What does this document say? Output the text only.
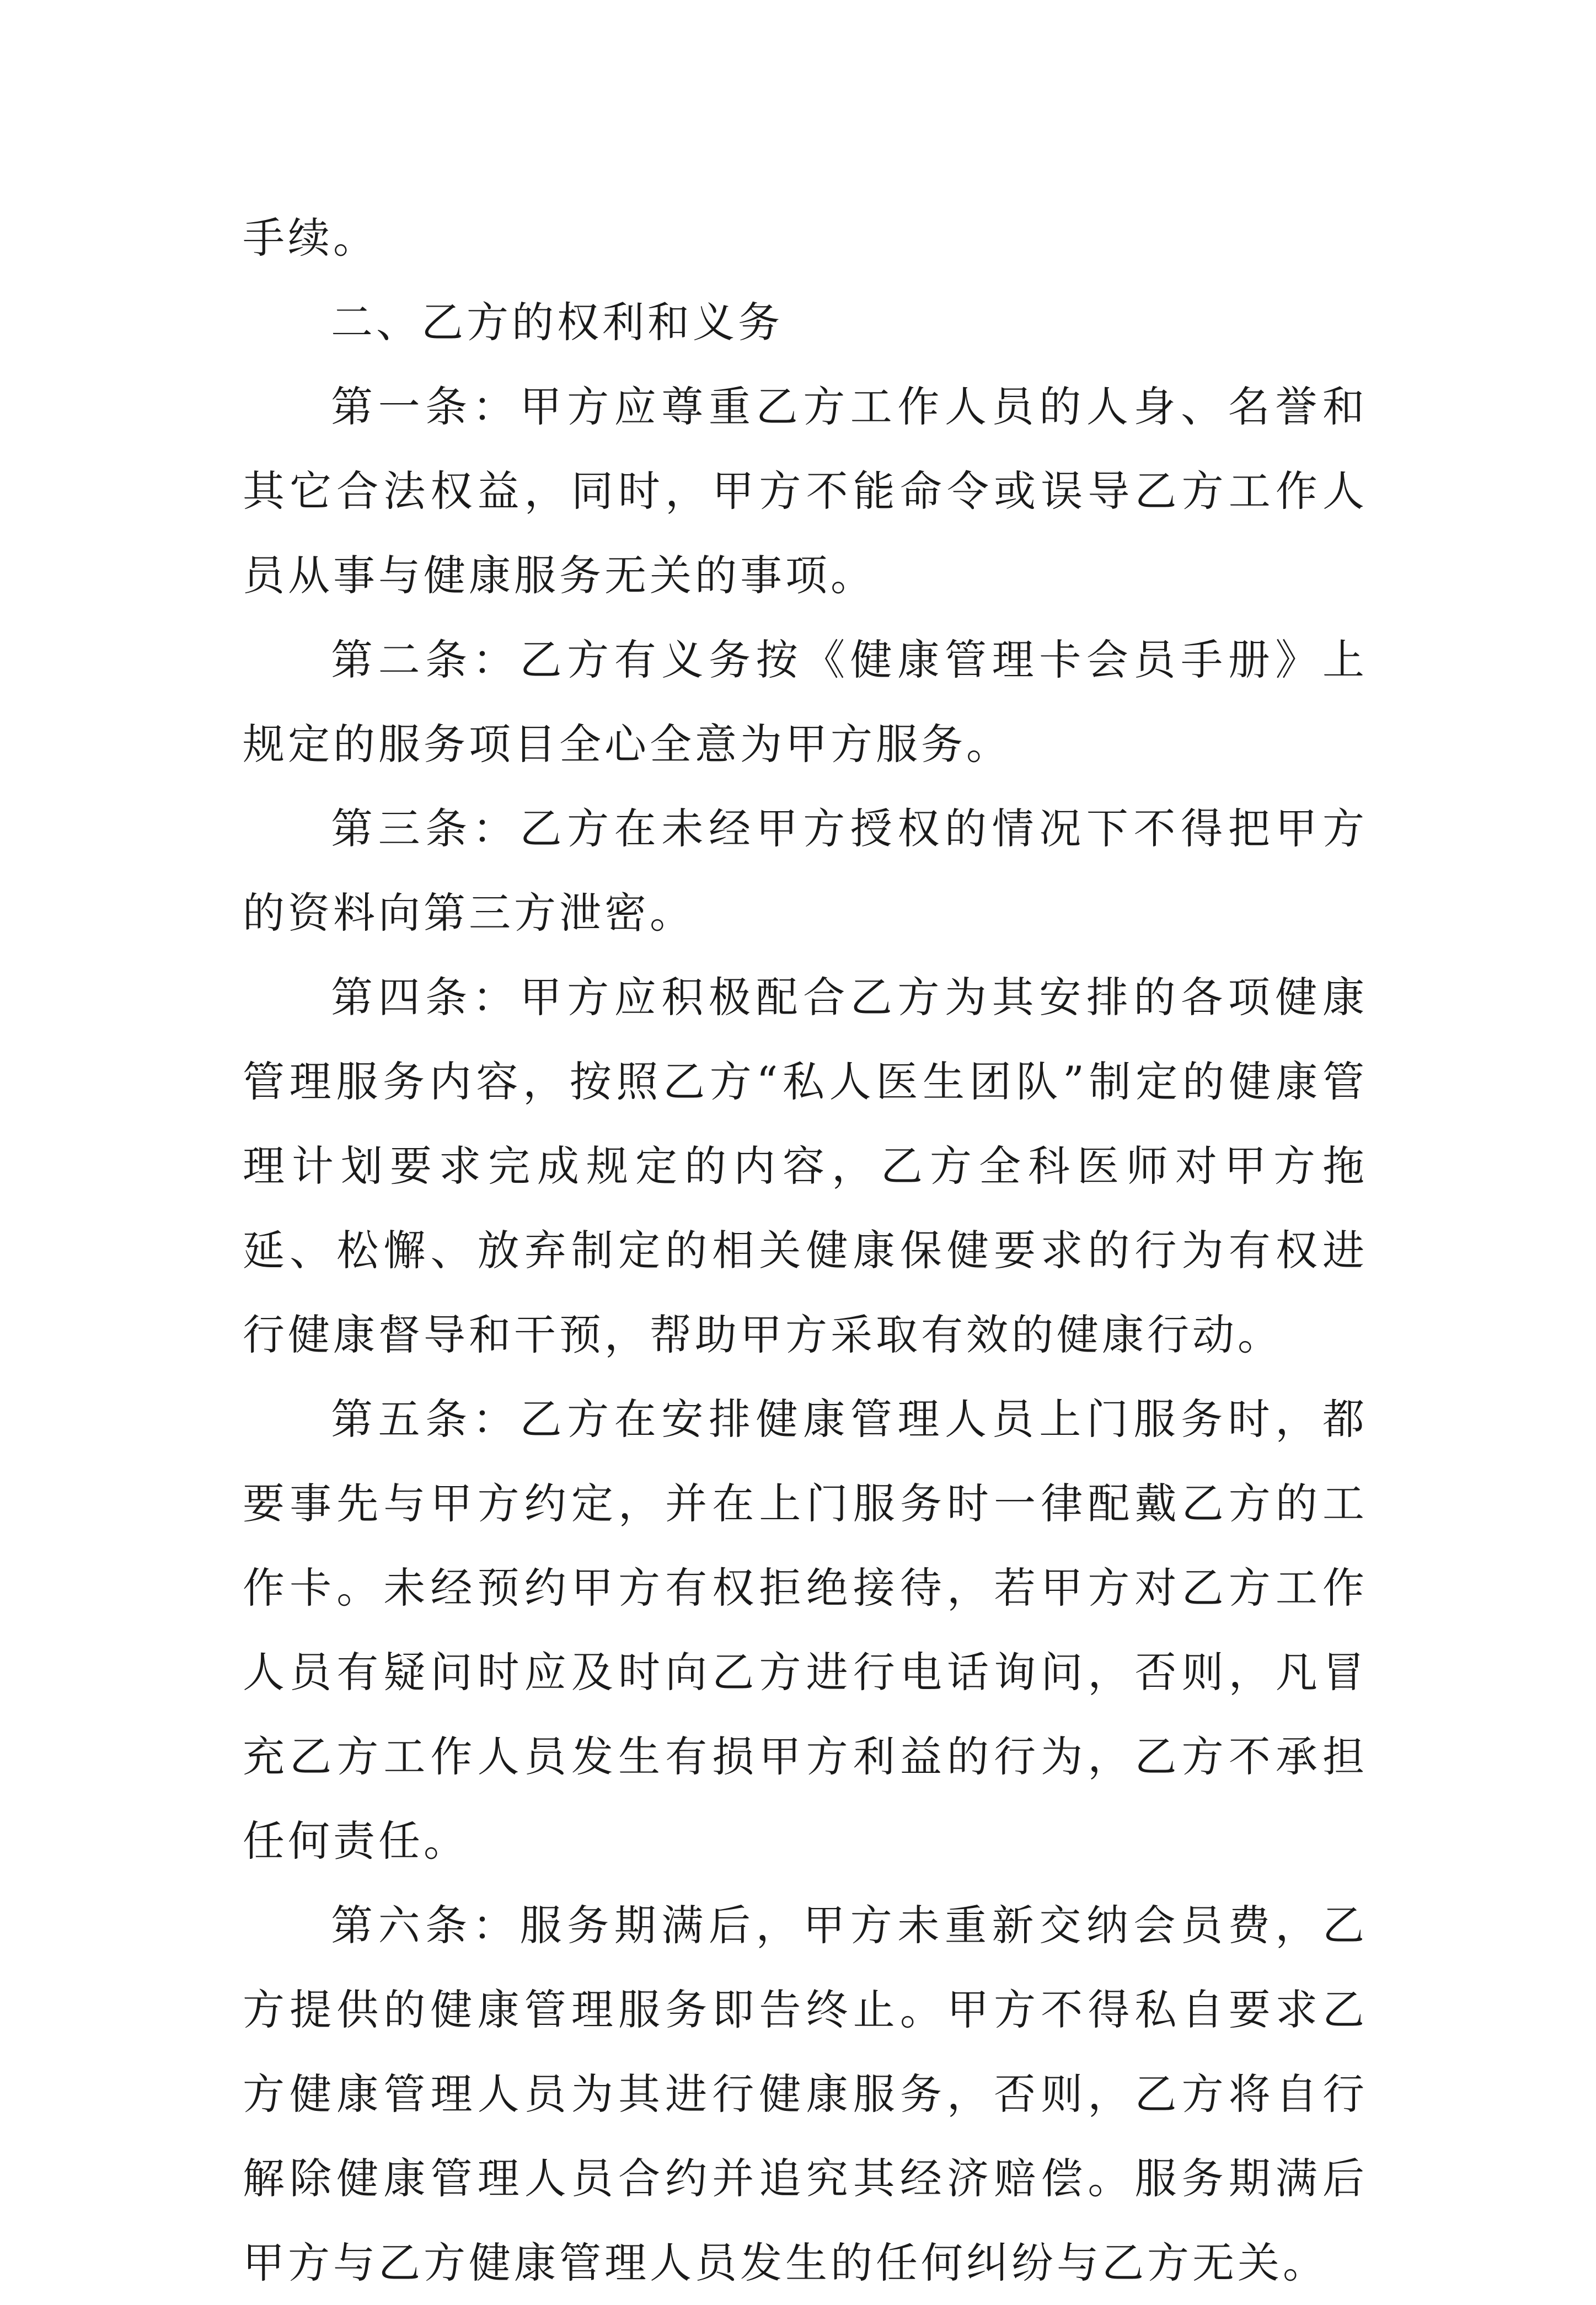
手续。

二、乙方的权利和义务

第一条：甲方应尊重乙方工作人员的人身、名誉和其它合法权益，同时，甲方不能命令或误导乙方工作人员从事与健康服务无关的事项。

第二条：乙方有义务按《健康管理卡会员手册》上规定的服务项目全心全意为甲方服务。

第三条：乙方在未经甲方授权的情况下不得把甲方的资料向第三方泄密。

第四条：甲方应积极配合乙方为其安排的各项健康管理服务内容，按照乙方“私人医生团队”制定的健康管理计划要求完成规定的内容，乙方全科医师对甲方拖延、松懈、放弃制定的相关健康保健要求的行为有权进行健康督导和干预，帮助甲方采取有效的健康行动。

第五条：乙方在安排健康管理人员上门服务时，都要事先与甲方约定，并在上门服务时一律配戴乙方的工作卡。未经预约甲方有权拒绝接待，若甲方对乙方工作人员有疑问时应及时向乙方进行电话询问，否则，凡冒充乙方工作人员发生有损甲方利益的行为，乙方不承担任何责任。

第六条：服务期满后，甲方未重新交纳会员费，乙方提供的健康管理服务即告终止。甲方不得私自要求乙方健康管理人员为其进行健康服务，否则，乙方将自行解除健康管理人员合约并追究其经济赔偿。服务期满后甲方与乙方健康管理人员发生的任何纠纷与乙方无关。
